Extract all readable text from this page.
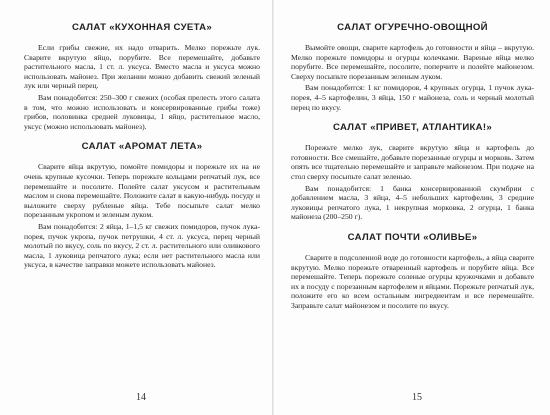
САЛАТ «КУХОННАЯ СУЕТА»

Если грибы свежие, их надо отварить. Мелко порежьте лук. Сварите вкрутую яйцо, порубите. Все перемешайте, добавьте растительного масла, 1 ст. л. уксуса. Вместо масла и уксуса можно использовать майонез. При желании можно добавить свежий зеленый лук или черный перец.

Вам понадобится: 250–300 г свежих (особая прелесть этого салата в том, что можно использовать и консервированные грибы тоже) грибов, половинка средней луковицы, 1 яйцо, растительное масло, уксус (можно использовать майонез).

САЛАТ «АРОМАТ ЛЕТА»

Сварите яйца вкрутую, помойте помидоры и порежьте их на не очень крупные кусочки. Теперь порежьте кольцами репчатый лук, все перемешайте и посолите. Полейте салат уксусом и растительным маслом и снова перемешайте. Положите салат в какую-нибудь посуду и выложите сверху рубленые яйца. Тебе посыпьте салат мелко порезанным укропом и зеленым луком.

Вам понадобится: 2 яйца, 1–1,5 кг свежих помидоров, пучок лука-порея, пучок укропа, пучок петрушки, 4 ст. л. уксуса, перец черный молотый по вкусу, соль по вкусу, 2 ст. л. растительного или оливкового масла, 1 луковица репчатого лука; если нет растительного масла или уксуса, в качестве заправки можете использовать майонез.

14
САЛАТ ОГУРЕЧНО-ОВОЩНОЙ

Вымойте овощи, сварите картофель до готовности и яйца – вкрутую. Мелко порежьте помидоры и огурцы колечками. Вареные яйца мелко порубите. Все перемешайте, посолите, поперчите и полейте майонезом. Сверху посыпьте порезанным зеленым луком.

Вам понадобится: 1 кг помидоров, 4 крупных огурца, 1 пучок лука-порея, 4–5 картофелин, 3 яйца, 150 г майонеза, соль и черный молотый перец по вкусу.

САЛАТ «ПРИВЕТ, АТЛАНТИКА!»

Порежьте мелко лук, сварите вкрутую яйца и картофель до готовности. Все смешайте, добавьте порезанные огурцы и морковь. Затем опять все тщательно перемешайте и заправьте майонезом. При подаче на стол сверху посыпьте салат зеленью.

Вам понадобится: 1 банка консервированной скумбрии с добавлением масла, 3 яйца, 4–5 небольших картофелин, 3 средние луковицы репчатого лука, 1 некрупная морковка, 2 огурца, 1 банка майонеза (200–250 г).

САЛАТ ПОЧТИ «ОЛИВЬЕ»

Сварите в подсоленной воде до готовности картофель, а яйца сварите вкрутую. Мелко порежьте отваренный картофель и порубите яйца. Все перемешайте. Теперь порежьте соленые огурцы кружочками и добавьте их в посуду с порезанным картофелем и яйцами. Порежьте репчатый лук, положите его ко всем остальным ингредиентам и все перемешайте. Заправьте салат майонезом и посолите по вкусу.

15
